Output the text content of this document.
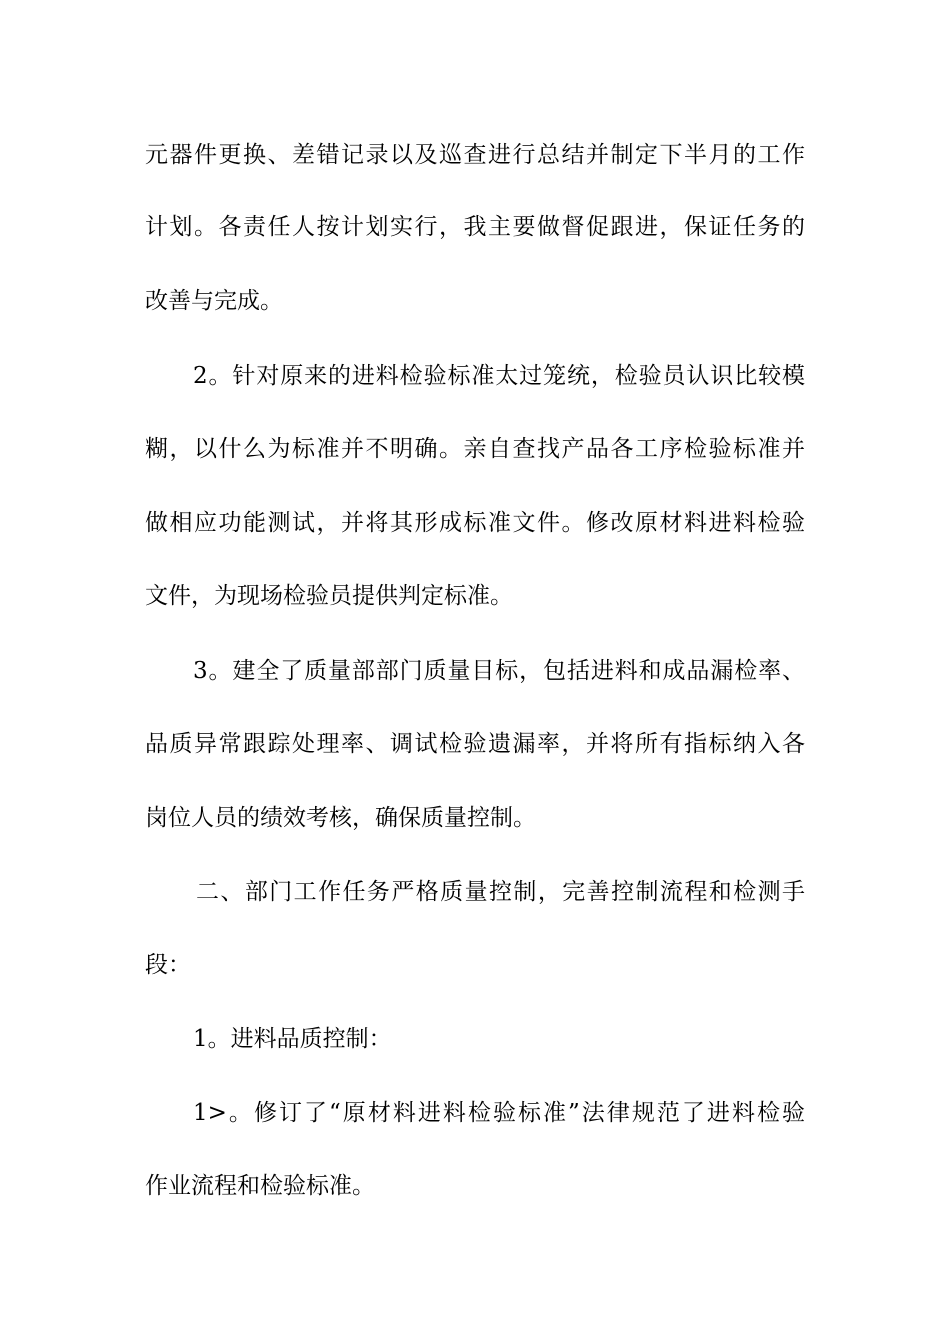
元器件更换、差错记录以及巡查进行总结并制定下半月的工作
计划。各责任人按计划实行，我主要做督促跟进，保证任务的
改善与完成。
2。针对原来的进料检验标准太过笼统，检验员认识比较模
糊，以什么为标准并不明确。亲自查找产品各工序检验标准并
做相应功能测试，并将其形成标准文件。修改原材料进料检验
文件，为现场检验员提供判定标准。
3。建全了质量部部门质量目标，包括进料和成品漏检率、
品质异常跟踪处理率、调试检验遗漏率，并将所有指标纳入各
岗位人员的绩效考核，确保质量控制。
二、部门工作任务严格质量控制，完善控制流程和检测手
段：
1。进料品质控制：
1>。修订了“原材料进料检验标准”法律规范了进料检验
作业流程和检验标准。
